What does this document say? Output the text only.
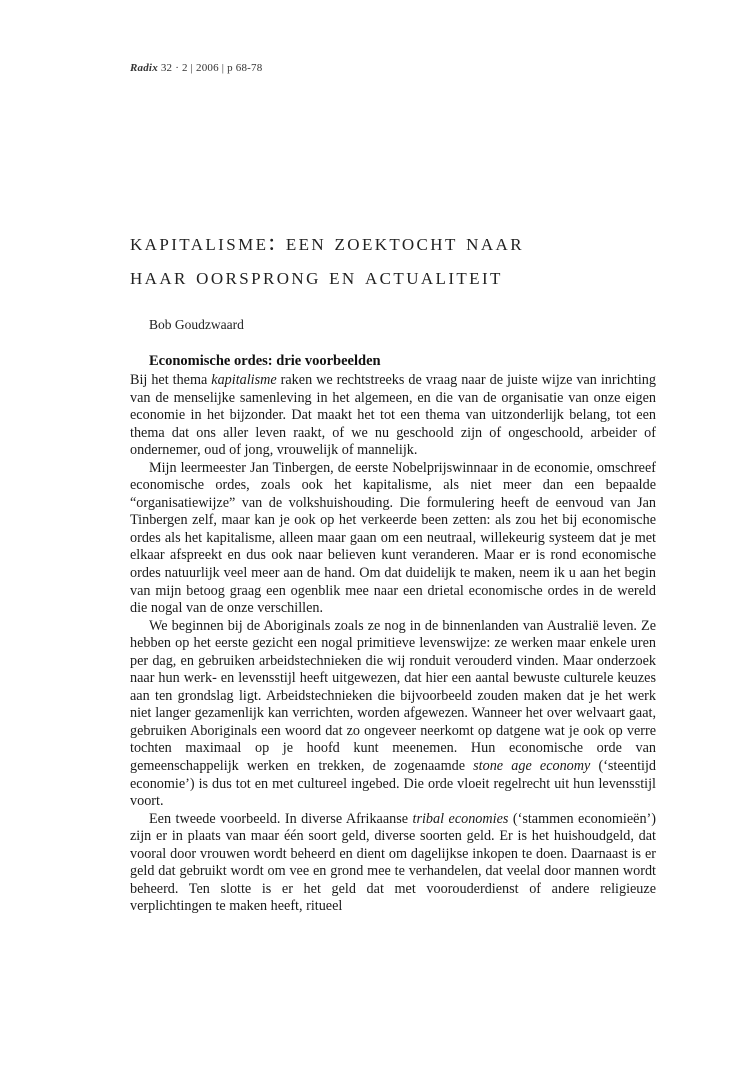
Radix 32 · 2 | 2006 | p 68-78
kapitalisme: een zoektocht naar
haar oorsprong en actualiteit
Bob Goudzwaard
Economische ordes: drie voorbeelden

Bij het thema kapitalisme raken we rechtstreeks de vraag naar de juiste wijze van inrichting van de menselijke samenleving in het algemeen, en die van de organisatie van onze eigen economie in het bijzonder. Dat maakt het tot een thema van uitzonderlijk belang, tot een thema dat ons aller leven raakt, of we nu geschoold zijn of ongeschoold, arbeider of ondernemer, oud of jong, vrouwelijk of mannelijk.

Mijn leermeester Jan Tinbergen, de eerste Nobelprijswinnaar in de economie, omschreef economische ordes, zoals ook het kapitalisme, als niet meer dan een bepaalde “organisatiewijze” van de volkshuishouding. Die formulering heeft de eenvoud van Jan Tinbergen zelf, maar kan je ook op het verkeerde been zetten: als zou het bij economische ordes als het kapitalisme, alleen maar gaan om een neutraal, willekeurig systeem dat je met elkaar afspreekt en dus ook naar believen kunt veranderen. Maar er is rond economische ordes natuurlijk veel meer aan de hand. Om dat duidelijk te maken, neem ik u aan het begin van mijn betoog graag een ogenblik mee naar een drietal economische ordes in de wereld die nogal van de onze verschillen.

We beginnen bij de Aboriginals zoals ze nog in de binnenlanden van Australië leven. Ze hebben op het eerste gezicht een nogal primitieve levenswijze: ze werken maar enkele uren per dag, en gebruiken arbeidstechnieken die wij ronduit verouderd vinden. Maar onderzoek naar hun werk- en levensstijl heeft uitgewezen, dat hier een aantal bewuste culturele keuzes aan ten grondslag ligt. Arbeidstechnieken die bijvoorbeeld zouden maken dat je het werk niet langer gezamenlijk kan verrichten, worden afgewezen. Wanneer het over welvaart gaat, gebruiken Aboriginals een woord dat zo ongeveer neerkomt op datgene wat je ook op verre tochten maximaal op je hoofd kunt meenemen. Hun economische orde van gemeenschappelijk werken en trekken, de zogenaamde stone age economy (‘steentijd economie’) is dus tot en met cultureel ingebed. Die orde vloeit regelrecht uit hun levensstijl voort.

Een tweede voorbeeld. In diverse Afrikaanse tribal economies (‘stammen economieën’) zijn er in plaats van maar één soort geld, diverse soorten geld. Er is het huishoudgeld, dat vooral door vrouwen wordt beheerd en dient om dagelijkse inkopen te doen. Daarnaast is er geld dat gebruikt wordt om vee en grond mee te verhandelen, dat veelal door mannen wordt beheerd. Ten slotte is er het geld dat met voorouderdienst of andere religieuze verplichtingen te maken heeft, ritueel
